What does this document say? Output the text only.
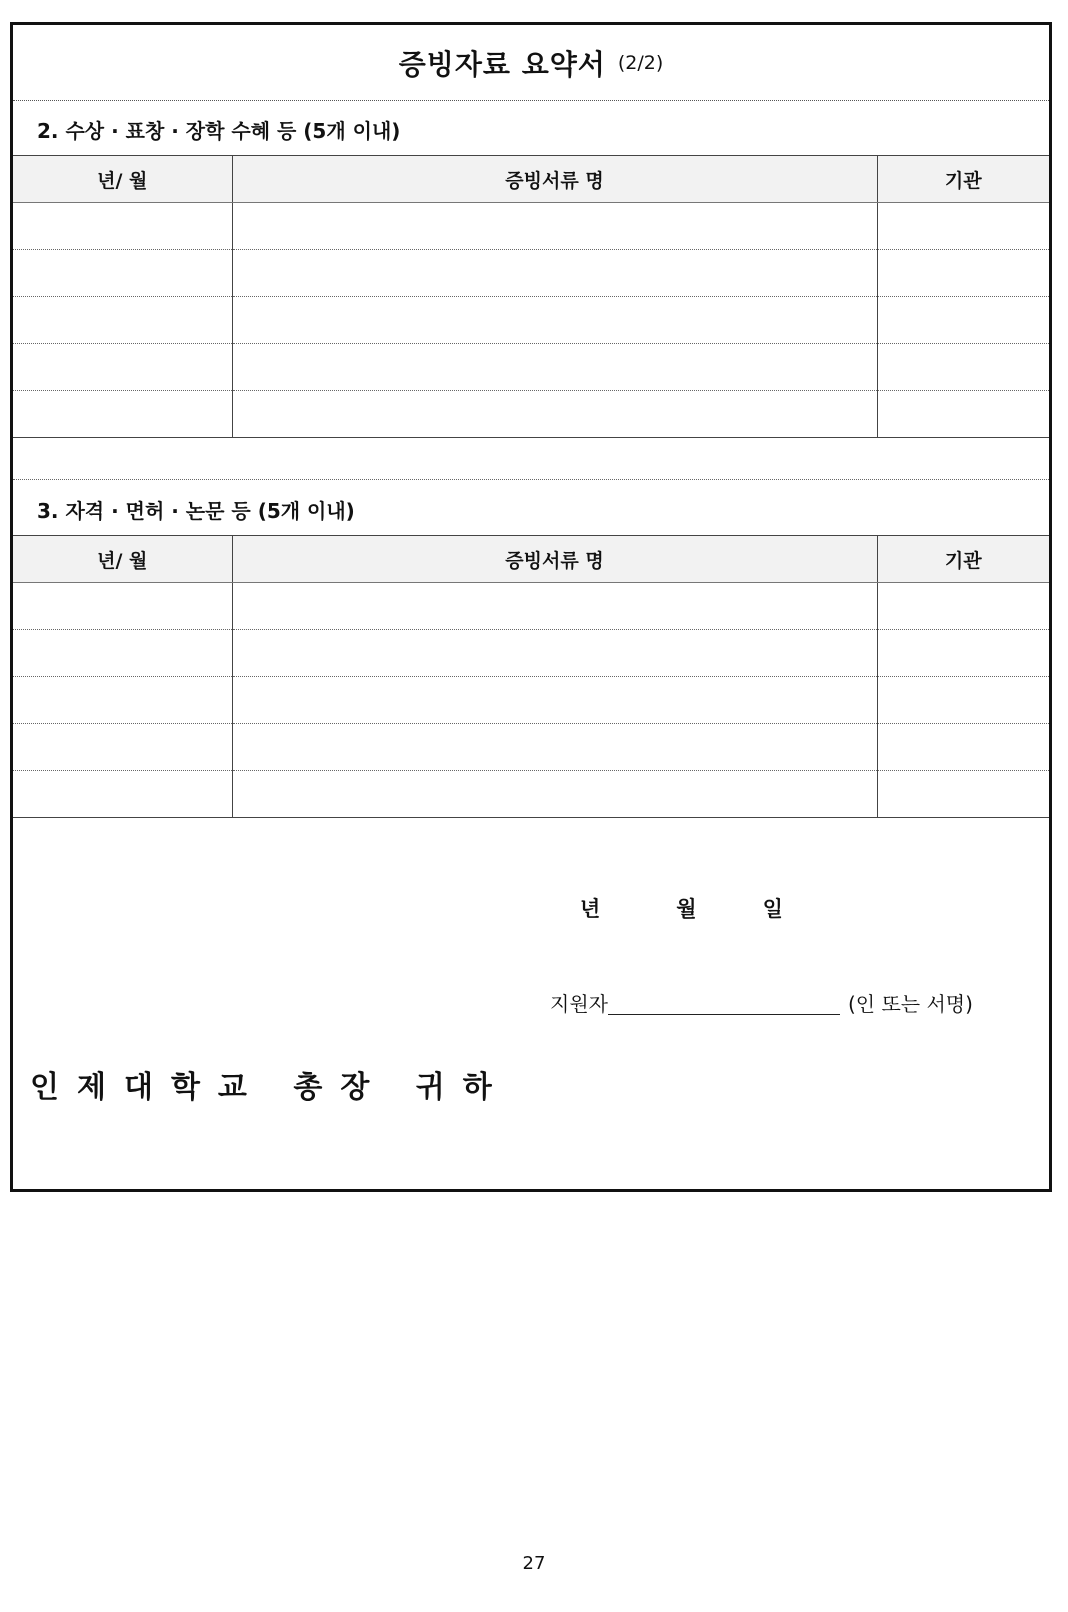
증빙자료 요약서 (2/2)
2. 수상 · 표창 · 장학 수혜 등 (5개 이내)
년/ 월	증빙서류 명	기관

3. 자격 · 면허 · 논문 등 (5개 이내)
년/ 월	증빙서류 명	기관

년	월	일
지원자	(인 또는 서명)
인제대학교 총장 귀하
27
